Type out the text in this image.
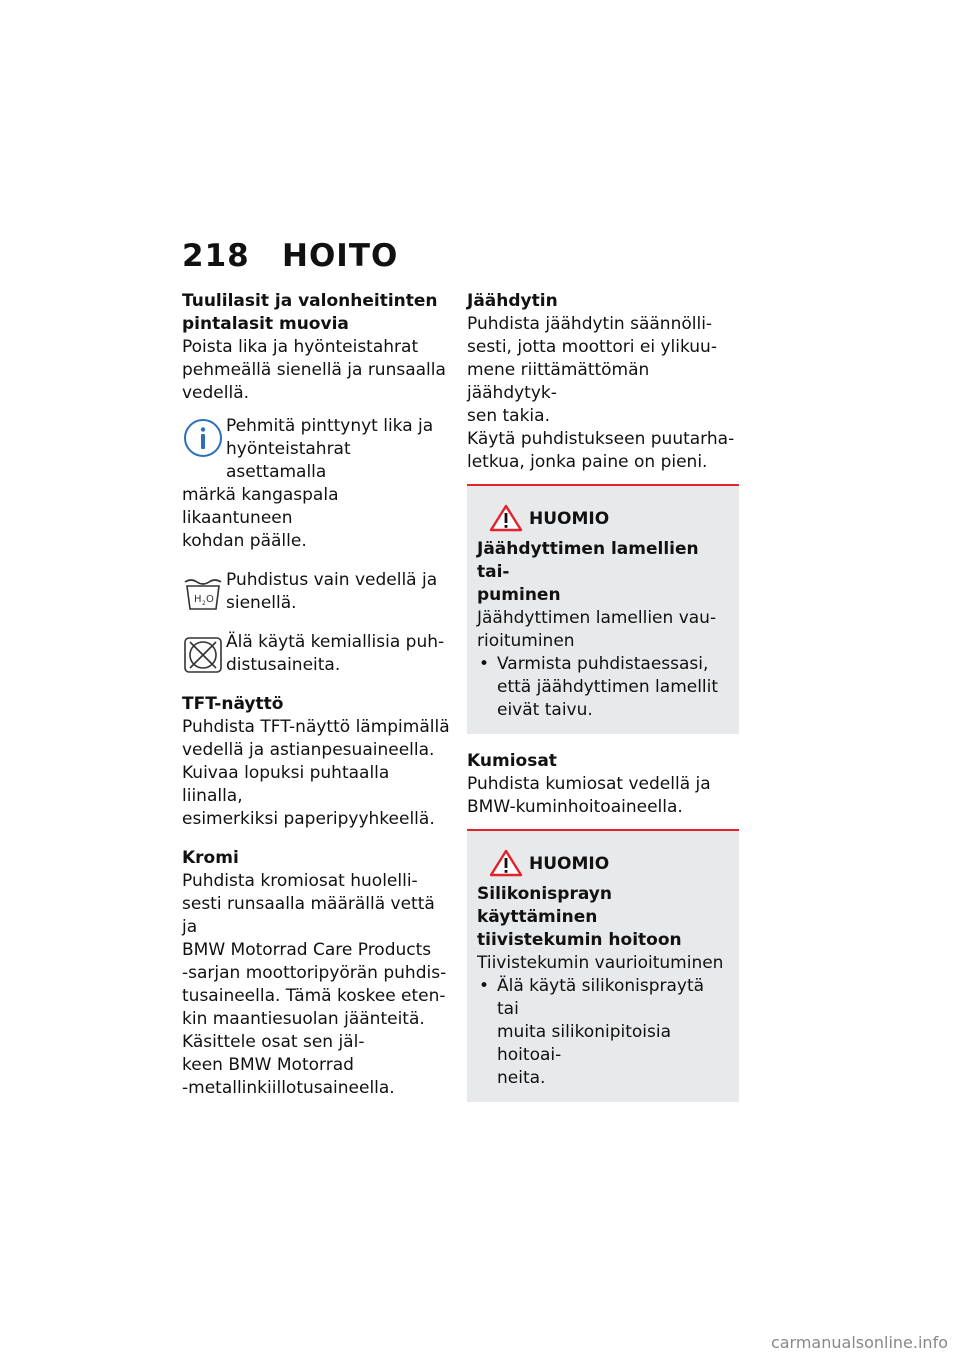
218 HOITO

Tuulilasit ja valonheitinten

pintalasit muovia

Poista lika ja hyönteistahrat

pehmeällä sienellä ja runsaalla

vedellä.

Pehmitä pinttynyt lika ja

hyönteistahrat asettamalla

märkä kangaspala likaantuneen

kohdan päälle.

H 2 O

Puhdistus vain vedellä ja

sienellä.

Älä käytä kemiallisia puh-

distusaineita.

TFT-näyttö

Puhdista TFT-näyttö lämpimällä

vedellä ja astianpesuaineella.

Kuivaa lopuksi puhtaalla liinalla,

esimerkiksi paperipyyhkeellä.

Kromi

Puhdista kromiosat huolelli-

sesti runsaalla määrällä vettä ja

BMW Motorrad Care Products

-sarjan moottoripyörän puhdis-

tusaineella. Tämä koskee eten-

kin maantiesuolan jäänteitä.

Käsittele osat sen jäl-

keen BMW Motorrad

-metallinkiillotusaineella.

Jäähdytin

Puhdista jäähdytin säännölli-

sesti, jotta moottori ei ylikuu-

mene riittämättömän jäähdytyk-

sen takia.

Käytä puhdistukseen puutarha-

letkua, jonka paine on pieni.

HUOMIO

Jäähdyttimen lamellien tai-

puminen

Jäähdyttimen lamellien vau-

rioituminen

• Varmista puhdistaessasi,
että jäähdyttimen lamellit
eivät taivu.

Kumiosat

Puhdista kumiosat vedellä ja

BMW-kuminhoitoaineella.

HUOMIO

Silikonisprayn käyttäminen

tiivistekumin hoitoon

Tiivistekumin vaurioituminen

• Älä käytä silikonispraytä tai
muita silikonipitoisia hoitoai-
neita.
carmanualsonline.info
